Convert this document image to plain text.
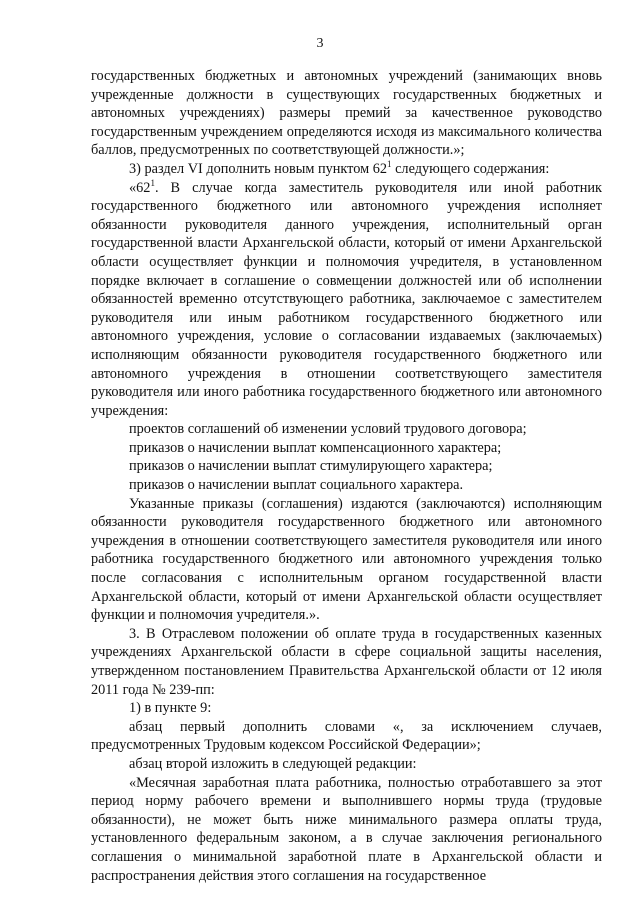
3

государственных бюджетных и автономных учреждений (занимающих вновь учрежденные должности в существующих государственных бюджетных и автономных учреждениях) размеры премий за качественное руководство государственным учреждением определяются исходя из максимального количества баллов, предусмотренных по соответствующей должности.»;

3) раздел VI дополнить новым пунктом $62^1$ следующего содержания:

«$62^1$. В случае когда заместитель руководителя или иной работник государственного бюджетного или автономного учреждения исполняет обязанности руководителя данного учреждения, исполнительный орган государственной власти Архангельской области, который от имени Архангельской области осуществляет функции и полномочия учредителя, в установленном порядке включает в соглашение о совмещении должностей или об исполнении обязанностей временно отсутствующего работника, заключаемое с заместителем руководителя или иным работником государственного бюджетного или автономного учреждения, условие о согласовании издаваемых (заключаемых) исполняющим обязанности руководителя государственного бюджетного или автономного учреждения в отношении соответствующего заместителя руководителя или иного работника государственного бюджетного или автономного учреждения:

проектов соглашений об изменении условий трудового договора;

приказов о начислении выплат компенсационного характера;

приказов о начислении выплат стимулирующего характера;

приказов о начислении выплат социального характера.

Указанные приказы (соглашения) издаются (заключаются) исполняющим обязанности руководителя государственного бюджетного или автономного учреждения в отношении соответствующего заместителя руководителя или иного работника государственного бюджетного или автономного учреждения только после согласования с исполнительным органом государственной власти Архангельской области, который от имени Архангельской области осуществляет функции и полномочия учредителя.».

3. В Отраслевом положении об оплате труда в государственных казенных учреждениях Архангельской области в сфере социальной защиты населения, утвержденном постановлением Правительства Архангельской области от 12 июля 2011 года № 239-пп:

1) в пункте 9:

абзац первый дополнить словами «, за исключением случаев, предусмотренных Трудовым кодексом Российской Федерации»;

абзац второй изложить в следующей редакции:

«Месячная заработная плата работника, полностью отработавшего за этот период норму рабочего времени и выполнившего нормы труда (трудовые обязанности), не может быть ниже минимального размера оплаты труда, установленного федеральным законом, а в случае заключения регионального соглашения о минимальной заработной плате в Архангельской области и распространения действия этого соглашения на государственное
